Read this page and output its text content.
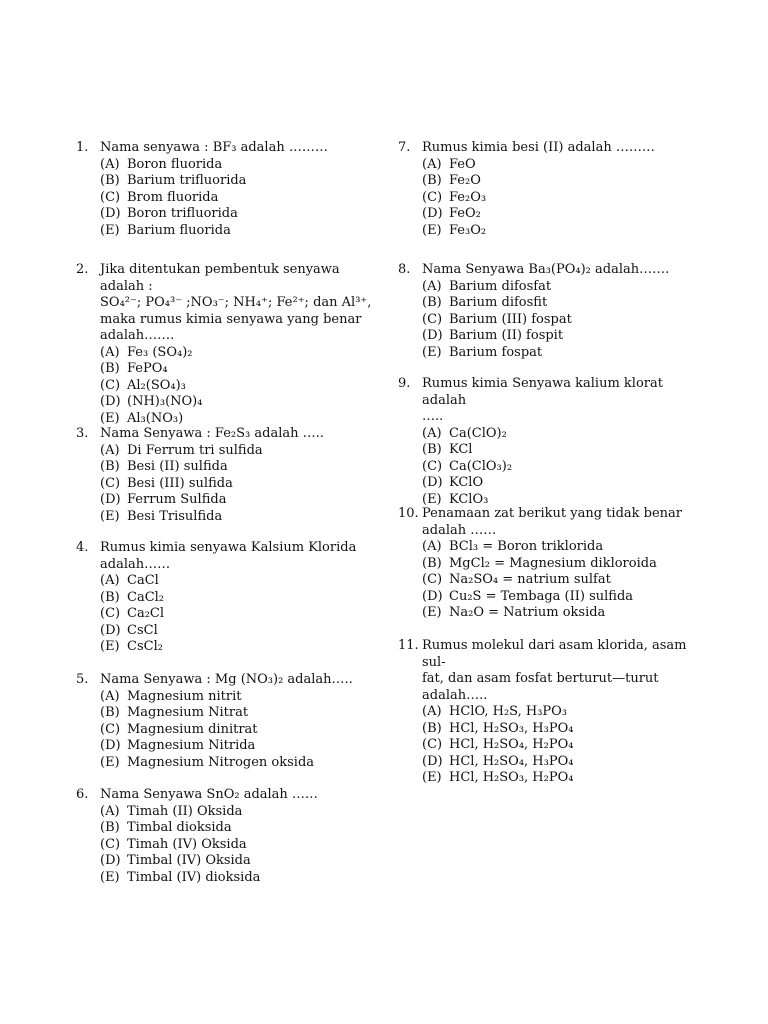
1. Nama senyawa : BF₃ adalah ………
(A) Boron fluorida
(B) Barium trifluorida
(C) Brom fluorida
(D) Boron trifluorida
(E) Barium fluorida
2. Jika ditentukan pembentuk senyawa adalah :
SO₄²⁻; PO₄³⁻ ;NO₃⁻; NH₄⁺; Fe²⁺; dan Al³⁺,
maka rumus kimia senyawa yang benar
adalah…….
(A) Fe₃ (SO₄)₂
(B) FePO₄
(C) Al₂(SO₄)₃
(D) (NH)₃(NO)₄
(E) Al₃(NO₃)
3. Nama Senyawa : Fe₂S₃ adalah …..
(A) Di Ferrum tri sulfida
(B) Besi (II) sulfida
(C) Besi (III) sulfida
(D) Ferrum Sulfida
(E) Besi Trisulfida
4. Rumus kimia senyawa Kalsium Klorida
adalah……
(A) CaCl
(B) CaCl₂
(C) Ca₂Cl
(D) CsCl
(E) CsCl₂
5. Nama Senyawa : Mg (NO₃)₂ adalah…..
(A) Magnesium nitrit
(B) Magnesium Nitrat
(C) Magnesium dinitrat
(D) Magnesium Nitrida
(E) Magnesium Nitrogen oksida
6. Nama Senyawa SnO₂ adalah ……
(A) Timah (II) Oksida
(B) Timbal dioksida
(C) Timah (IV) Oksida
(D) Timbal (IV) Oksida
(E) Timbal (IV) dioksida
7. Rumus kimia besi (II) adalah ………
(A) FeO
(B) Fe₂O
(C) Fe₂O₃
(D) FeO₂
(E) Fe₃O₂
8. Nama Senyawa Ba₃(PO₄)₂ adalah…….
(A) Barium difosfat
(B) Barium difosfit
(C) Barium (III) fospat
(D) Barium (II) fospit
(E) Barium fospat
9. Rumus kimia Senyawa kalium klorat adalah
…..
(A) Ca(ClO)₂
(B) KCl
(C) Ca(ClO₃)₂
(D) KClO
(E) KClO₃
10. Penamaan zat berikut yang tidak benar
adalah ……
(A) BCl₃ = Boron triklorida
(B) MgCl₂ = Magnesium dikloroida
(C) Na₂SO₄ = natrium sulfat
(D) Cu₂S = Tembaga (II) sulfida
(E) Na₂O = Natrium oksida
11. Rumus molekul dari asam klorida, asam sul-
fat, dan asam fosfat berturut—turut
adalah…..
(A) HClO, H₂S, H₃PO₃
(B) HCl, H₂SO₃, H₃PO₄
(C) HCl, H₂SO₄, H₂PO₄
(D) HCl, H₂SO₄, H₃PO₄
(E) HCl, H₂SO₃, H₂PO₄
